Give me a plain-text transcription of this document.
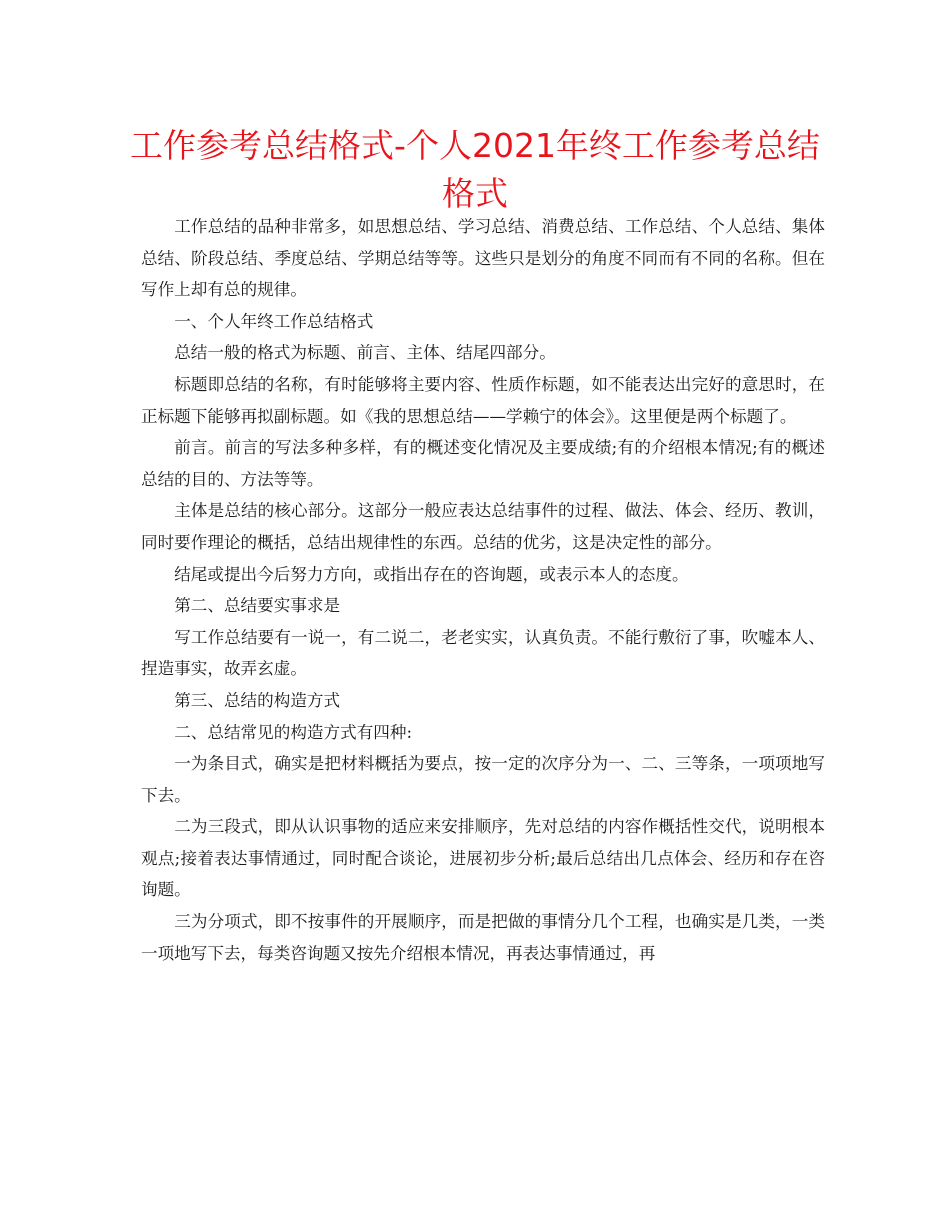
工作参考总结格式-个人2021年终工作参考总结格式

工作总结的品种非常多，如思想总结、学习总结、消费总结、工作总结、个人总结、集体总结、阶段总结、季度总结、学期总结等等。这些只是划分的角度不同而有不同的名称。但在写作上却有总的规律。

一、个人年终工作总结格式

总结一般的格式为标题、前言、主体、结尾四部分。

标题即总结的名称，有时能够将主要内容、性质作标题，如不能表达出完好的意思时，在正标题下能够再拟副标题。如《我的思想总结——学赖宁的体会》。这里便是两个标题了。

前言。前言的写法多种多样，有的概述变化情况及主要成绩;有的介绍根本情况;有的概述总结的目的、方法等等。

主体是总结的核心部分。这部分一般应表达总结事件的过程、做法、体会、经历、教训，同时要作理论的概括，总结出规律性的东西。总结的优劣，这是决定性的部分。

结尾或提出今后努力方向，或指出存在的咨询题，或表示本人的态度。

第二、总结要实事求是

写工作总结要有一说一，有二说二，老老实实，认真负责。不能行敷衍了事，吹嘘本人、捏造事实，故弄玄虚。

第三、总结的构造方式

二、总结常见的构造方式有四种:

一为条目式，确实是把材料概括为要点，按一定的次序分为一、二、三等条，一项项地写下去。

二为三段式，即从认识事物的适应来安排顺序，先对总结的内容作概括性交代，说明根本观点;接着表达事情通过，同时配合谈论，进展初步分析;最后总结出几点体会、经历和存在咨询题。

三为分项式，即不按事件的开展顺序，而是把做的事情分几个工程，也确实是几类，一类一项地写下去，每类咨询题又按先介绍根本情况，再表达事情通过，再
